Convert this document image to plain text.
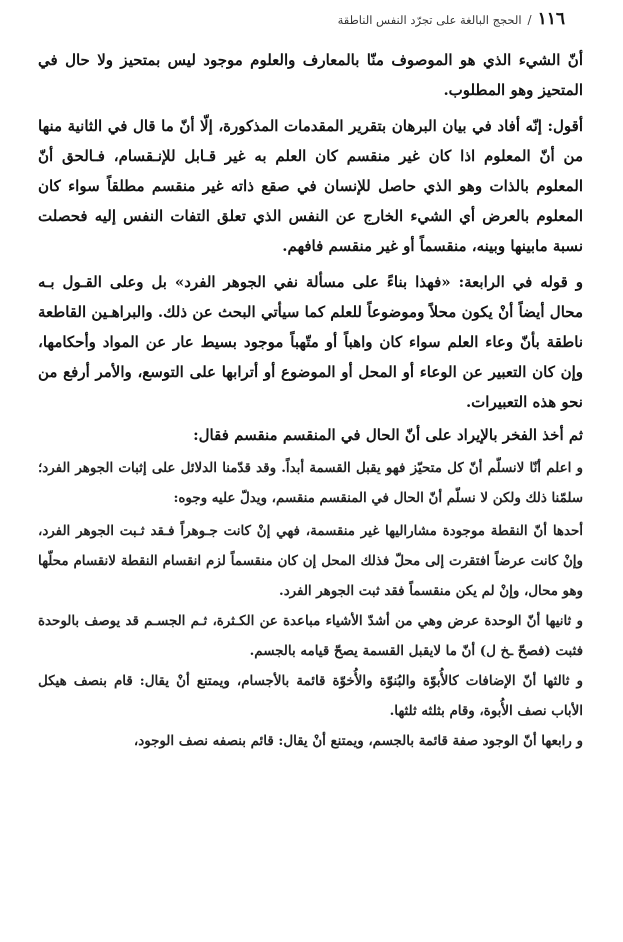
١١٦
/
الحجج البالغة على تجرّد النفس الناطقة

أنّ الشيء الذي هو الموصوف منّا بالمعارف والعلوم موجود ليس بمتحيز ولا حال في المتحيز وهو المطلوب.

أقول: إنّه أفاد في بيان البرهان بتقرير المقدمات المذكورة، إلّا أنّ ما قال في الثانية منها من أنّ المعلوم اذا كان غير منقسم كان العلم به غير قـابل للإنـقسام، فـالحق أنّ المعلوم بالذات وهو الذي حاصل للإنسان في صقع ذاته غير منقسم مطلقاً سواء كان المعلوم بالعرض أي الشيء الخارج عن النفس الذي تعلق التفات النفس إليه فحصلت نسبة مابينها وبينه، منقسماً أو غير منقسم فافهم.

و قوله في الرابعة: «فهذا بناءً على مسألة نفي الجوهر الفرد» بل وعلى القـول بـه محال أيضاً أنْ يكون محلاً وموضوعاً للعلم كما سيأتي البحث عن ذلك. والبراهـين القاطعة ناطقة بأنّ وعاء العلم سواء كان واهباً أو متّهباً موجود بسيط عار عن المواد وأحكامها، وإن كان التعبير عن الوعاء أو المحل أو الموضوع أو أترابها على التوسع، والأمر أرفع من نحو هذه التعبيرات.

ثم أخذ الفخر بالإيراد على أنّ الحال في المنقسم منقسم فقال:

و اعلم أنّا لانسلّم أنّ كل متحيّز فهو يقبل القسمة أبداً. وقد قدّمنا الدلائل على إثبات الجوهر الفرد؛ سلمّنا ذلك ولكن لا نسلّم أنّ الحال في المنقسم منقسم، ويدلّ عليه وجوه:

أحدها أنّ النقطة موجودة مشاراليها غير منقسمة، فهي إنْ كانت جـوهراً فـقد ثـبت الجوهر الفرد، وإنْ كانت عرضاً افتقرت إلى محلّ فذلك المحل إن كان منقسماً لزم انقسام النقطة لانقسام محلّها وهو محال، وإنْ لم يكن منقسماً فقد ثبت الجوهر الفرد.

و ثانيها أنّ الوحدة عرض وهي من أشدّ الأشياء مباعدة عن الكـثرة، ثـم الجسـم قد يوصف بالوحدة فثبت (فصحّ ـخ ل) أنّ ما لايقبل القسمة يصحّ قيامه بالجسم.

و ثالثها أنّ الإضافات كالأُبوّة والبُنوّة والأُخوّة قائمة بالأجسام، ويمتنع أنْ يقال: قام بنصف هيكل الأباب نصف الأُبوة، وقام بثلثه ثلثها.

و رابعها أنّ الوجود صفة قائمة بالجسم، ويمتنع أنْ يقال: قائم بنصفه نصف الوجود،
